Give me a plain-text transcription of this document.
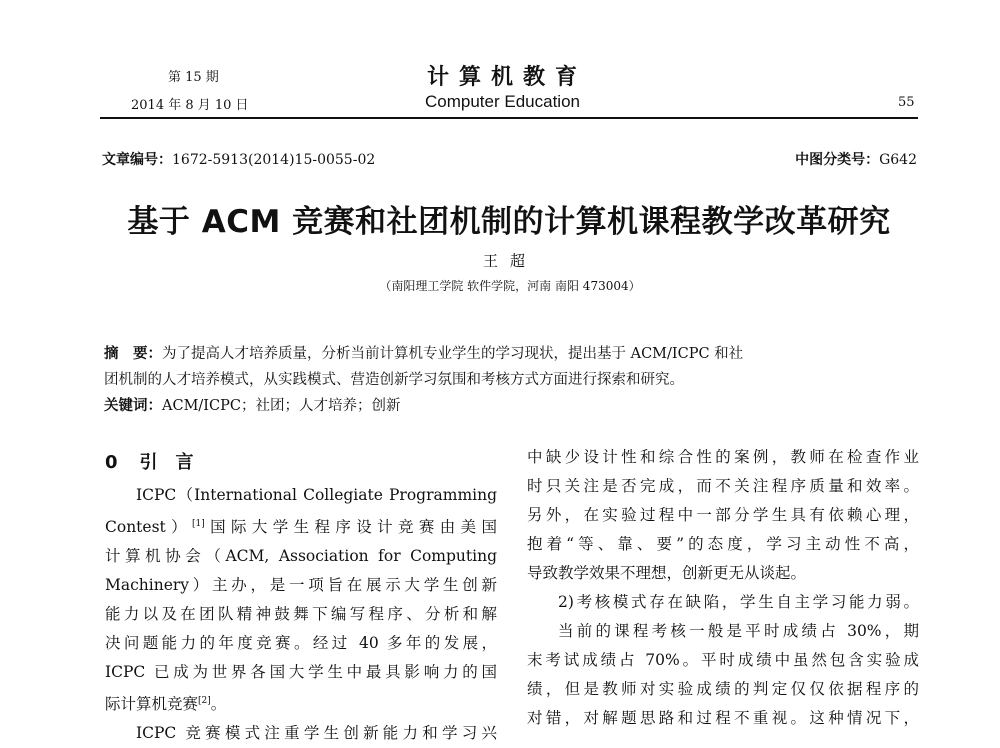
第 15 期
2014 年 8 月 10 日
计算机教育
Computer Education	55
文章编号：1672-5913(2014)15-0055-02	中图分类号：G642
基于 ACM 竞赛和社团机制的计算机课程教学改革研究
王超
（南阳理工学院 软件学院，河南 南阳 473004）
摘　要：为了提高人才培养质量，分析当前计算机专业学生的学习现状，提出基于 ACM/ICPC 和社
团机制的人才培养模式，从实践模式、营造创新学习氛围和考核方式方面进行探索和研究。
关键词：ACM/ICPC；社团；人才培养；创新
0 引　言

ICPC（International Collegiate Programming

Contest）[1]国际大学生程序设计竞赛由美国

计算机协会（ACM, Association for Computing

Machinery）主办，是一项旨在展示大学生创新

能力以及在团队精神鼓舞下编写程序、分析和解

决问题能力的年度竞赛。经过 40 多年的发展，

ICPC 已成为世界各国大学生中最具影响力的国

际计算机竞赛[2]。

ICPC 竞赛模式注重学生创新能力和学习兴

中缺少设计性和综合性的案例，教师在检查作业

时只关注是否完成，而不关注程序质量和效率。

另外，在实验过程中一部分学生具有依赖心理，

抱着“等、靠、要”的态度，学习主动性不高，

导致教学效果不理想，创新更无从谈起。

2)考核模式存在缺陷，学生自主学习能力弱。

当前的课程考核一般是平时成绩占 30%，期

末考试成绩占 70%。平时成绩中虽然包含实验成

绩，但是教师对实验成绩的判定仅仅依据程序的

对错，对解题思路和过程不重视。这种情况下，
